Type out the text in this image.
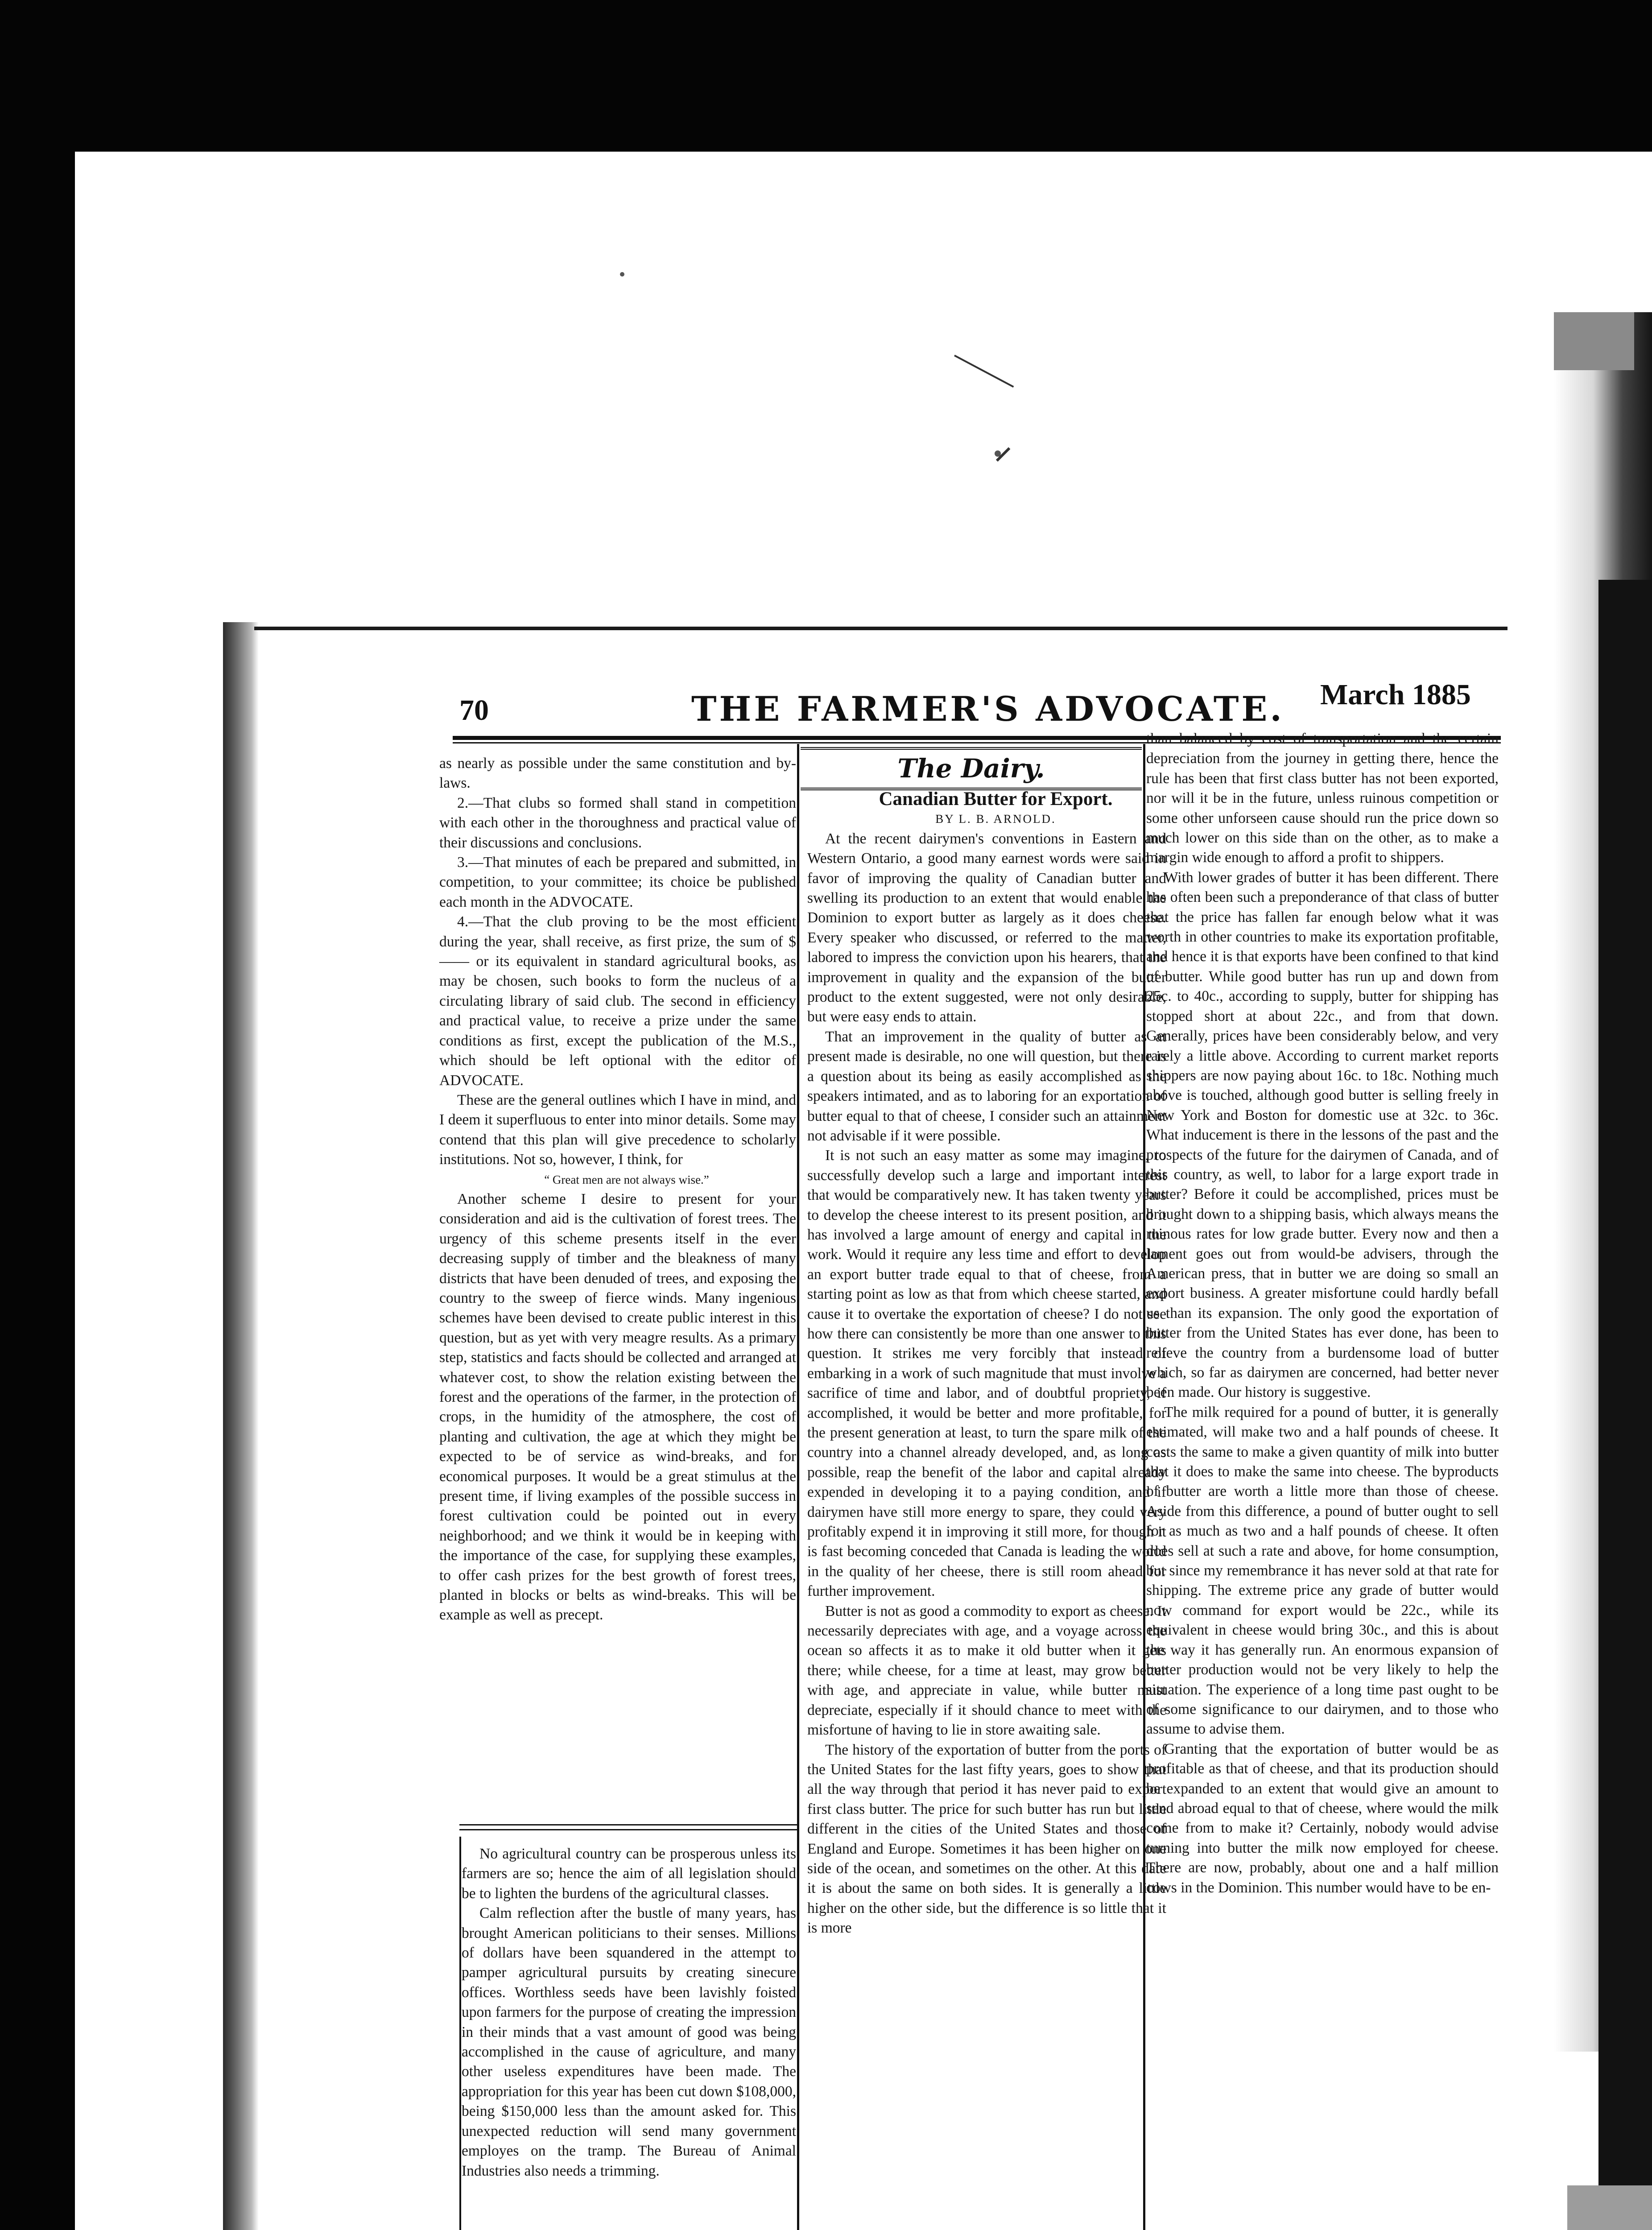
70	THE FARMER'S ADVOCATE. March 1885

as nearly as possible under the same constitution and by-laws.

2.—That clubs so formed shall stand in competition with each other in the thoroughness and practical value of their discussions and conclusions.

3.—That minutes of each be prepared and submitted, in competition, to your committee; its choice be published each month in the ADVOCATE.

4.—That the club proving to be the most efficient during the year, shall receive, as first prize, the sum of $—— or its equivalent in standard agricultural books, as may be chosen, such books to form the nucleus of a circulating library of said club. The second in efficiency and practical value, to receive a prize under the same conditions as first, except the publication of the M.S., which should be left optional with the editor of ADVOCATE.

These are the general outlines which I have in mind, and I deem it superfluous to enter into minor details. Some may contend that this plan will give precedence to scholarly institutions. Not so, however, I think, for

“ Great men are not always wise.”

Another scheme I desire to present for your consideration and aid is the cultivation of forest trees. The urgency of this scheme presents itself in the ever decreasing supply of timber and the bleakness of many districts that have been denuded of trees, and exposing the country to the sweep of fierce winds. Many ingenious schemes have been devised to create public interest in this question, but as yet with very meagre results. As a primary step, statistics and facts should be collected and arranged at whatever cost, to show the relation existing between the forest and the operations of the farmer, in the protection of crops, in the humidity of the atmosphere, the cost of planting and cultivation, the age at which they might be expected to be of service as wind-breaks, and for economical purposes. It would be a great stimulus at the present time, if living examples of the possible success in forest cultivation could be pointed out in every neighborhood; and we think it would be in keeping with the importance of the case, for supplying these examples, to offer cash prizes for the best growth of forest trees, planted in blocks or belts as wind-breaks. This will be example as well as precept.

No agricultural country can be prosperous unless its farmers are so; hence the aim of all legislation should be to lighten the burdens of the agricultural classes.

Calm reflection after the bustle of many years, has brought American politicians to their senses. Millions of dollars have been squandered in the attempt to pamper agricultural pursuits by creating sinecure offices. Worthless seeds have been lavishly foisted upon farmers for the purpose of creating the impression in their minds that a vast amount of good was being accomplished in the cause of agriculture, and many other useless expenditures have been made. The appropriation for this year has been cut down $108,000, being $150,000 less than the amount asked for. This unexpected reduction will send many government employes on the tramp. The Bureau of Animal Industries also needs a trimming.

The Dairy.

Canadian Butter for Export.

BY L. B. ARNOLD.

At the recent dairymen's conventions in Eastern and Western Ontario, a good many earnest words were said in favor of improving the quality of Canadian butter and swelling its production to an extent that would enable the Dominion to export butter as largely as it does cheese. Every speaker who discussed, or referred to the matter, labored to impress the conviction upon his hearers, that the improvement in quality and the expansion of the butter product to the extent suggested, were not only desirable, but were easy ends to attain.

That an improvement in the quality of butter as at present made is desirable, no one will question, but there is a question about its being as easily accomplished as the speakers intimated, and as to laboring for an exportation of butter equal to that of cheese, I consider such an attainment not advisable if it were possible.

It is not such an easy matter as some may imagine, to successfully develop such a large and important interest that would be comparatively new. It has taken twenty years to develop the cheese interest to its present position, and it has involved a large amount of energy and capital in the work. Would it require any less time and effort to develop an export butter trade equal to that of cheese, from a starting point as low as that from which cheese started, and cause it to overtake the exportation of cheese? I do not see how there can consistently be more than one answer to this question. It strikes me very forcibly that instead of embarking in a work of such magnitude that must involve a sacrifice of time and labor, and of doubtful propriety, if accomplished, it would be better and more profitable, for the present generation at least, to turn the spare milk of the country into a channel already developed, and, as long as possible, reap the benefit of the labor and capital already expended in developing it to a paying condition, and if dairymen have still more energy to spare, they could very profitably expend it in improving it still more, for though it is fast becoming conceded that Canada is leading the world in the quality of her cheese, there is still room ahead for further improvement.

Butter is not as good a commodity to export as cheese. It necessarily depreciates with age, and a voyage across the ocean so affects it as to make it old butter when it gets there; while cheese, for a time at least, may grow better with age, and appreciate in value, while butter must depreciate, especially if it should chance to meet with the misfortune of having to lie in store awaiting sale.

The history of the exportation of butter from the ports of the United States for the last fifty years, goes to show that all the way through that period it has never paid to export first class butter. The price for such butter has run but little different in the cities of the United States and those of England and Europe. Sometimes it has been higher on one side of the ocean, and sometimes on the other. At this date it is about the same on both sides. It is generally a little higher on the other side, but the difference is so little that it is more

than balanced by cost of transportation and the certain depreciation from the journey in getting there, hence the rule has been that first class butter has not been exported, nor will it be in the future, unless ruinous competition or some other unforseen cause should run the price down so much lower on this side than on the other, as to make a margin wide enough to afford a profit to shippers.

With lower grades of butter it has been different. There has often been such a preponderance of that class of butter that the price has fallen far enough below what it was worth in other countries to make its exportation profitable, and hence it is that exports have been confined to that kind of butter. While good butter has run up and down from 25c. to 40c., according to supply, butter for shipping has stopped short at about 22c., and from that down. Generally, prices have been considerably below, and very rarely a little above. According to current market reports shippers are now paying about 16c. to 18c. Nothing much above is touched, although good butter is selling freely in New York and Boston for domestic use at 32c. to 36c. What inducement is there in the lessons of the past and the prospects of the future for the dairymen of Canada, and of this country, as well, to labor for a large export trade in butter? Before it could be accomplished, prices must be brought down to a shipping basis, which always means the ruinous rates for low grade butter. Every now and then a lament goes out from would-be advisers, through the American press, that in butter we are doing so small an export business. A greater misfortune could hardly befall us than its expansion. The only good the exportation of butter from the United States has ever done, has been to relieve the country from a burdensome load of butter which, so far as dairymen are concerned, had better never been made. Our history is suggestive.

The milk required for a pound of butter, it is generally estimated, will make two and a half pounds of cheese. It costs the same to make a given quantity of milk into butter that it does to make the same into cheese. The byproducts of butter are worth a little more than those of cheese. Aside from this difference, a pound of butter ought to sell for as much as two and a half pounds of cheese. It often does sell at such a rate and above, for home consumption, but since my remembrance it has never sold at that rate for shipping. The extreme price any grade of butter would now command for export would be 22c., while its equivalent in cheese would bring 30c., and this is about the way it has generally run. An enormous expansion of butter production would not be very likely to help the situation. The experience of a long time past ought to be of some significance to our dairymen, and to those who assume to advise them.

Granting that the exportation of butter would be as profitable as that of cheese, and that its production should be expanded to an extent that would give an amount to send abroad equal to that of cheese, where would the milk come from to make it? Certainly, nobody would advise turning into butter the milk now employed for cheese. There are now, probably, about one and a half million cows in the Dominion. This number would have to be en-
